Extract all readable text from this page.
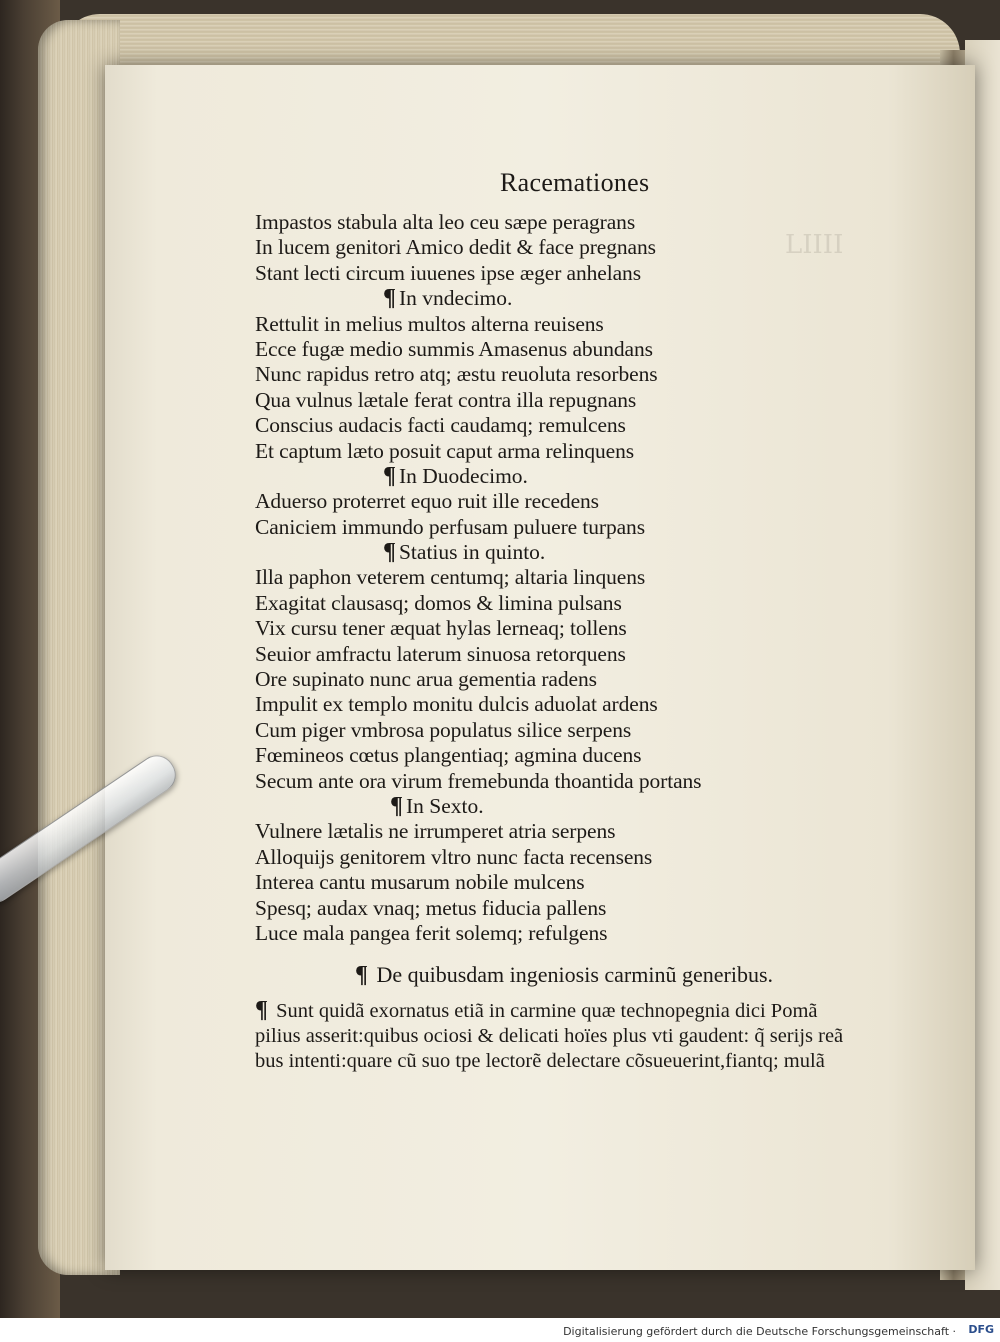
LIIII
Racemationes
Impastos stabula alta leo ceu sæpe peragrans
In lucem genitori Amico dedit & face pregnans
Stant lecti circum iuuenes ipse æger anhelans
¶ In vndecimo.
Rettulit in melius multos alterna reuisens
Ecce fugæ medio summis Amasenus abundans
Nunc rapidus retro atq; æstu reuoluta resorbens
Qua vulnus lætale ferat contra illa repugnans
Conscius audacis facti caudamq; remulcens
Et captum læto posuit caput arma relinquens
¶ In Duodecimo.
Aduerso proterret equo ruit ille recedens
Caniciem immundo perfusam puluere turpans
¶ Statius in quinto.
Illa paphon veterem centumq; altaria linquens
Exagitat clausasq; domos & limina pulsans
Vix cursu tener æquat hylas lerneaq; tollens
Seuior amfractu laterum sinuosa retorquens
Ore supinato nunc arua gementia radens
Impulit ex templo monitu dulcis aduolat ardens
Cum piger vmbrosa populatus silice serpens
Fœmineos cœtus plangentiaq; agmina ducens
Secum ante ora virum fremebunda thoantida portans
¶ In Sexto.
Vulnere lætalis ne irrumperet atria serpens
Alloquijs genitorem vltro nunc facta recensens
Interea cantu musarum nobile mulcens
Spesq; audax vnaq; metus fiducia pallens
Luce mala pangea ferit solemq; refulgens
¶ De quibusdam ingeniosis carminũ generibus.
¶ Sunt quidã exornatus etiã in carmine quæ technopegnia dici Pomã
pilius asserit:quibus ociosi & delicati hoïes plus vti gaudent: q̃ serijs reã
bus intenti:quare cũ suo tpe lectorẽ delectare cõsueuerint,fiantq; mulã
Digitalisierung gefördert durch die Deutsche Forschungsgemeinschaft · DFG
